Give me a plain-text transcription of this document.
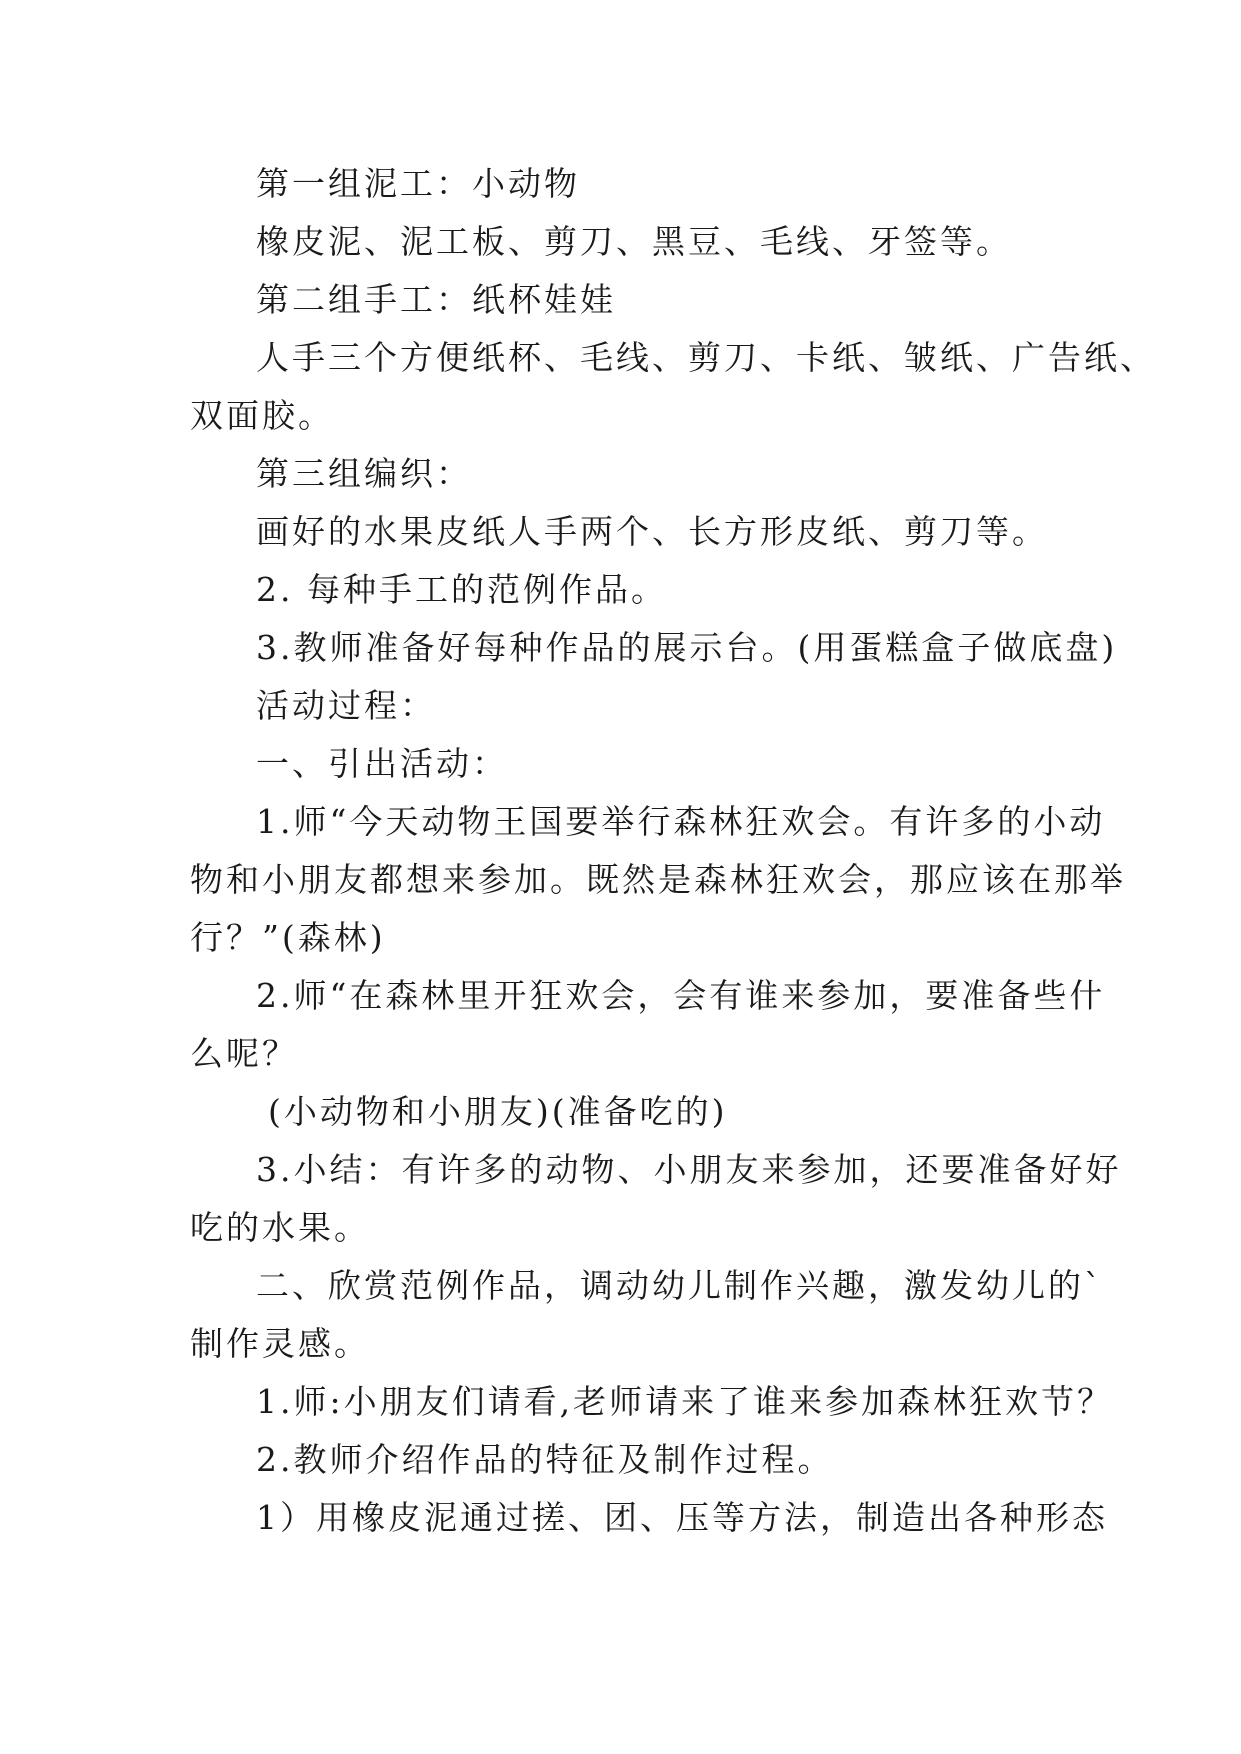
第一组泥工：小动物

橡皮泥、泥工板、剪刀、黑豆、毛线、牙签等。

第二组手工：纸杯娃娃

人手三个方便纸杯、毛线、剪刀、卡纸、皱纸、广告纸、

双面胶。

第三组编织：

画好的水果皮纸人手两个、长方形皮纸、剪刀等。

2. 每种手工的范例作品。

3.教师准备好每种作品的展示台。(用蛋糕盒子做底盘)

活动过程：

一、引出活动：

1.师“今天动物王国要举行森林狂欢会。有许多的小动

物和小朋友都想来参加。既然是森林狂欢会，那应该在那举

行？”(森林)

2.师“在森林里开狂欢会，会有谁来参加，要准备些什

么呢？

(小动物和小朋友)(准备吃的)

3.小结：有许多的动物、小朋友来参加，还要准备好好

吃的水果。

二、欣赏范例作品，调动幼儿制作兴趣，激发幼儿的`

制作灵感。

1.师:小朋友们请看,老师请来了谁来参加森林狂欢节？

2.教师介绍作品的特征及制作过程。

1）用橡皮泥通过搓、团、压等方法，制造出各种形态
